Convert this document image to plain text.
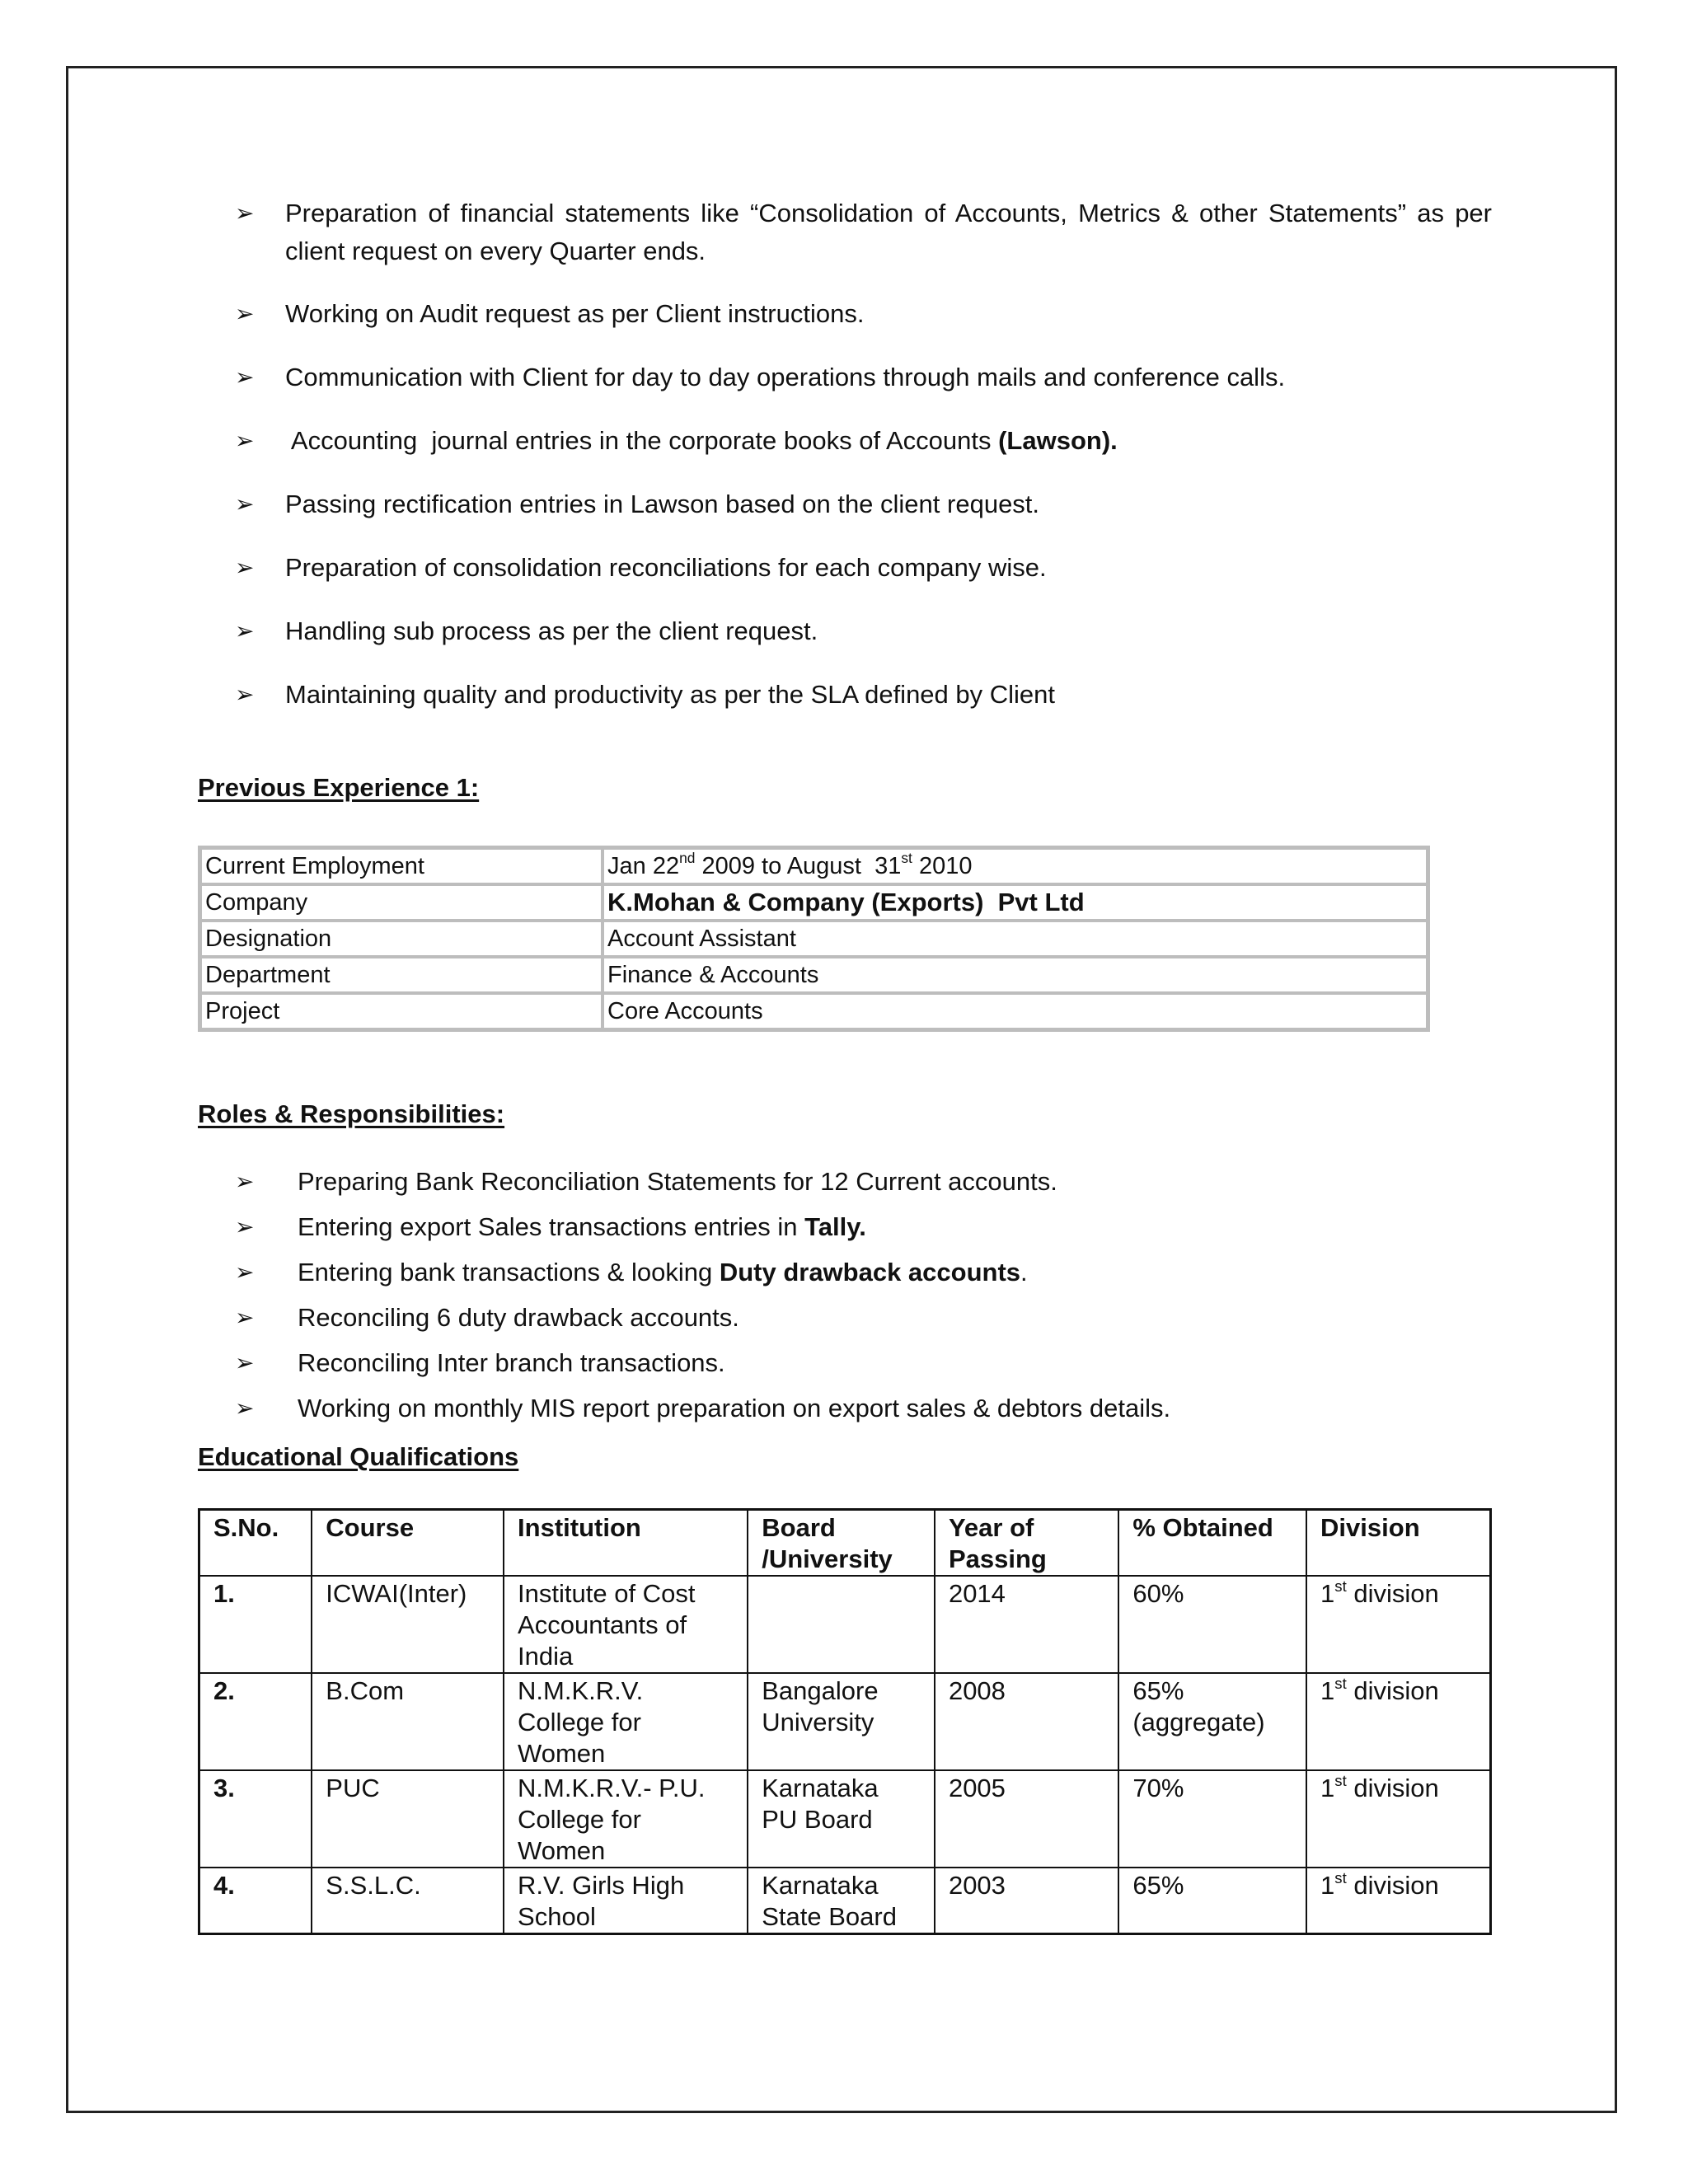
➢ Preparation of financial statements like “Consolidation of Accounts, Metrics & other Statements” as per client request on every Quarter ends.
➢ Working on Audit request as per Client instructions.
➢ Communication with Client for day to day operations through mails and conference calls.
➢ Accounting  journal entries in the corporate books of Accounts (Lawson).
➢ Passing rectification entries in Lawson based on the client request.
➢ Preparation of consolidation reconciliations for each company wise.
➢ Handling sub process as per the client request.
➢ Maintaining quality and productivity as per the SLA defined by Client
Previous Experience 1:
Current Employment	Jan 22nd 2009 to August  31st 2010
Company	K.Mohan & Company (Exports)  Pvt Ltd
Designation	Account Assistant
Department	Finance & Accounts
Project	Core Accounts
Roles & Responsibilities:
➢ Preparing Bank Reconciliation Statements for 12 Current accounts.
➢ Entering export Sales transactions entries in Tally.
➢ Entering bank transactions & looking Duty drawback accounts.
➢ Reconciling 6 duty drawback accounts.
➢ Reconciling Inter branch transactions.
➢ Working on monthly MIS report preparation on export sales & debtors details.
Educational Qualifications
S.No.	Course	Institution	Board /University	Year of Passing	% Obtained	Division
1.	ICWAI(Inter)	Institute of Cost Accountants of India		2014	60%	1st division
2.	B.Com	N.M.K.R.V. College for Women	Bangalore University	2008	65% (aggregate)	1st division
3.	PUC	N.M.K.R.V.- P.U. College for Women	Karnataka PU Board	2005	70%	1st division
4.	S.S.L.C.	R.V. Girls High School	Karnataka State Board	2003	65%	1st division
